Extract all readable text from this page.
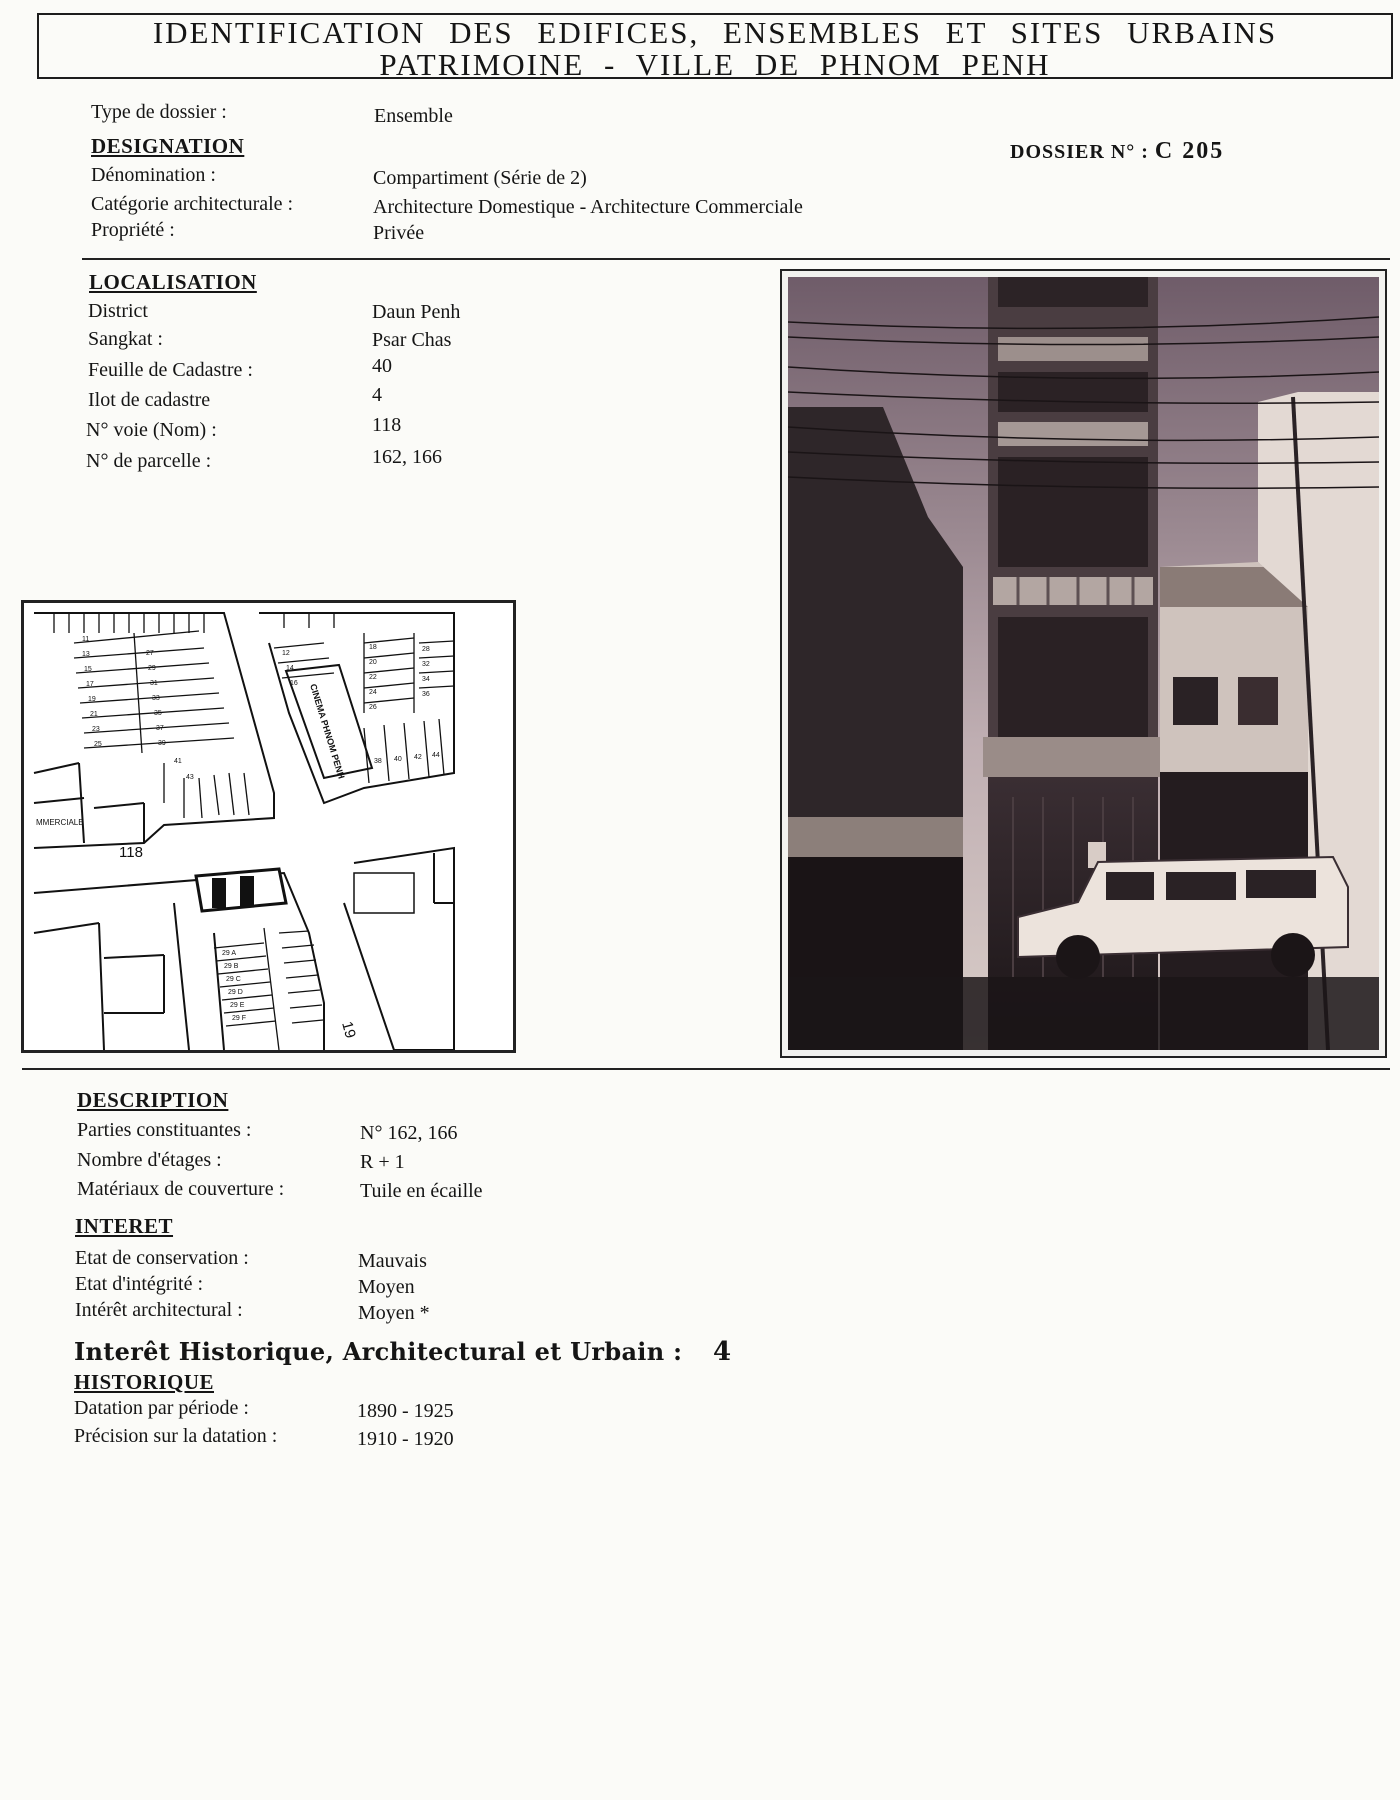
IDENTIFICATION DES EDIFICES, ENSEMBLES ET SITES URBAINS
PATRIMOINE - VILLE DE PHNOM PENH
Type de dossier :	Ensemble
DOSSIER N° : C 205
DESIGNATION
Dénomination :	Compartiment (Série de 2)
Catégorie architecturale :	Architecture Domestique - Architecture Commerciale
Propriété :	Privée
LOCALISATION
District	Daun Penh
Sangkat :	Psar Chas
Feuille de Cadastre :	40
Ilot de cadastre	4
N° voie (Nom) :	118
N° de parcelle :	162, 166
118
19
CINEMA PHNOM PENH
MMERCIALE
11
13
15
17
19
21
23
25
27
29
31
33
35
37
39
41
43
12
14
16
18
20
22
24
26
28
32
34
36
38 40 42 44
29 A
29 B
29 C
29 D
29 E
29 F
DESCRIPTION
Parties constituantes :	N° 162, 166
Nombre d'étages :	R + 1
Matériaux de couverture :	Tuile en écaille
INTERET
Etat de conservation :	Mauvais
Etat d'intégrité :	Moyen
Intérêt architectural :	Moyen *
Interêt Historique, Architectural et Urbain : 4
HISTORIQUE
Datation par période :	1890 - 1925
Précision sur la datation :	1910 - 1920
